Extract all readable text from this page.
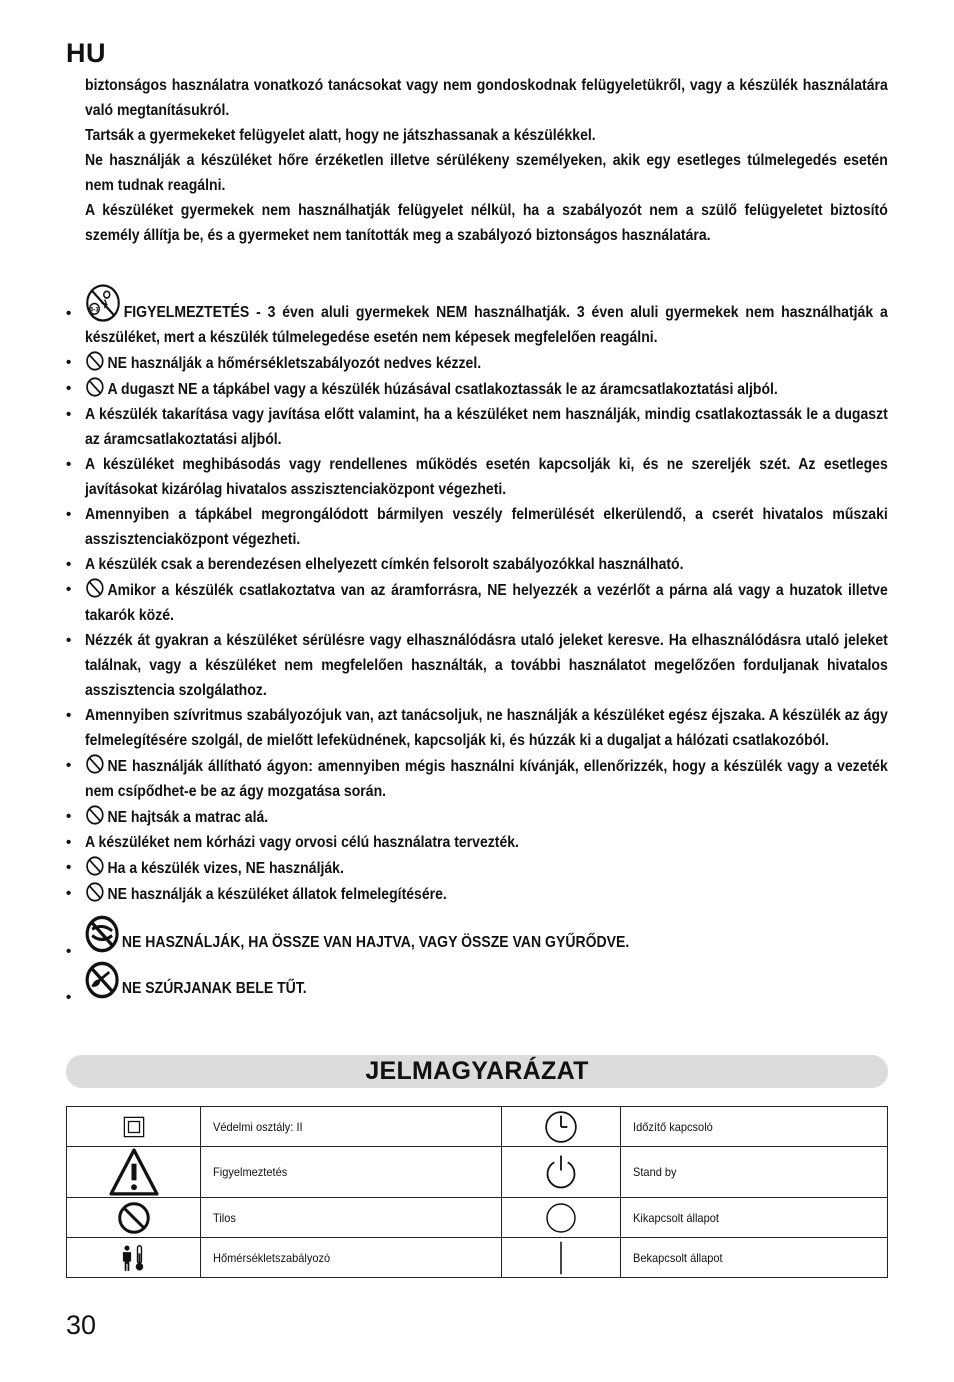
HU

biztonságos használatra vonatkozó tanácsokat vagy nem gondoskodnak felügyeletükről, vagy a készülék használatára való megtanításukról.

Tartsák a gyermekeket felügyelet alatt, hogy ne játszhassanak a készülékkel.

Ne használják a készüléket hőre érzéketlen illetve sérülékeny személyeken, akik egy esetleges túlmelegedés esetén nem tudnak reagálni.

A készüléket gyermekek nem használhatják felügyelet nélkül, ha a szabályozót nem a szülő felügyeletet biztosító személy állítja be, és a gyermeket nem tanították meg a szabályozó biztonságos használatára.

•	0-3 FIGYELMEZTETÉS - 3 éven aluli gyermekek NEM használhatják. 3 éven aluli gyermekek nem használhatják a készüléket, mert a készülék túlmelegedése esetén nem képesek megfelelően reagálni.
•	NE használják a hőmérsékletszabályozót nedves kézzel.
•	A dugaszt NE a tápkábel vagy a készülék húzásával csatlakoztassák le az áramcsatlakoztatási aljból.
• A készülék takarítása vagy javítása előtt valamint, ha a készüléket nem használják, mindig csatlakoztassák le a dugaszt az áramcsatlakoztatási aljból.
• A készüléket meghibásodás vagy rendellenes működés esetén kapcsolják ki, és ne szereljék szét. Az esetleges javításokat kizárólag hivatalos asszisztenciaközpont végezheti.
• Amennyiben a tápkábel megrongálódott bármilyen veszély felmerülését elkerülendő, a cserét hivatalos műszaki asszisztenciaközpont végezheti.
• A készülék csak a berendezésen elhelyezett címkén felsorolt szabályozókkal használható.
•	Amikor a készülék csatlakoztatva van az áramforrásra, NE helyezzék a vezérlőt a párna alá vagy a huzatok illetve takarók közé.
• Nézzék át gyakran a készüléket sérülésre vagy elhasználódásra utaló jeleket keresve. Ha elhasználódásra utaló jeleket találnak, vagy a készüléket nem megfelelően használták, a további használatot megelőzően forduljanak hivatalos asszisztencia szolgálathoz.
• Amennyiben szívritmus szabályozójuk van, azt tanácsoljuk, ne használják a készüléket egész éjszaka. A készülék az ágy felmelegítésére szolgál, de mielőtt lefeküdnének, kapcsolják ki, és húzzák ki a dugaljat a hálózati csatlakozóból.
•	NE használják állítható ágyon: amennyiben mégis használni kívánják, ellenőrizzék, hogy a készülék vagy a vezeték nem csípődhet-e be az ágy mozgatása során.
•	NE hajtsák a matrac alá.
• A készüléket nem kórházi vagy orvosi célú használatra tervezték.
•	Ha a készülék vizes, NE használják.
•	NE használják a készüléket állatok felmelegítésére.
•
NE HASZNÁLJÁK, HA ÖSSZE VAN HAJTVA, VAGY ÖSSZE VAN GYŰRŐDVE.
•
NE SZÚRJANAK BELE TŰT.
JELMAGYARÁZAT
	Védelmi osztály: II		Időzítő kapcsoló

	Figyelmeztetés		Stand by

	Tilos		Kikapcsolt állapot

	Hőmérsékletszabályozó		Bekapcsolt állapot
30
